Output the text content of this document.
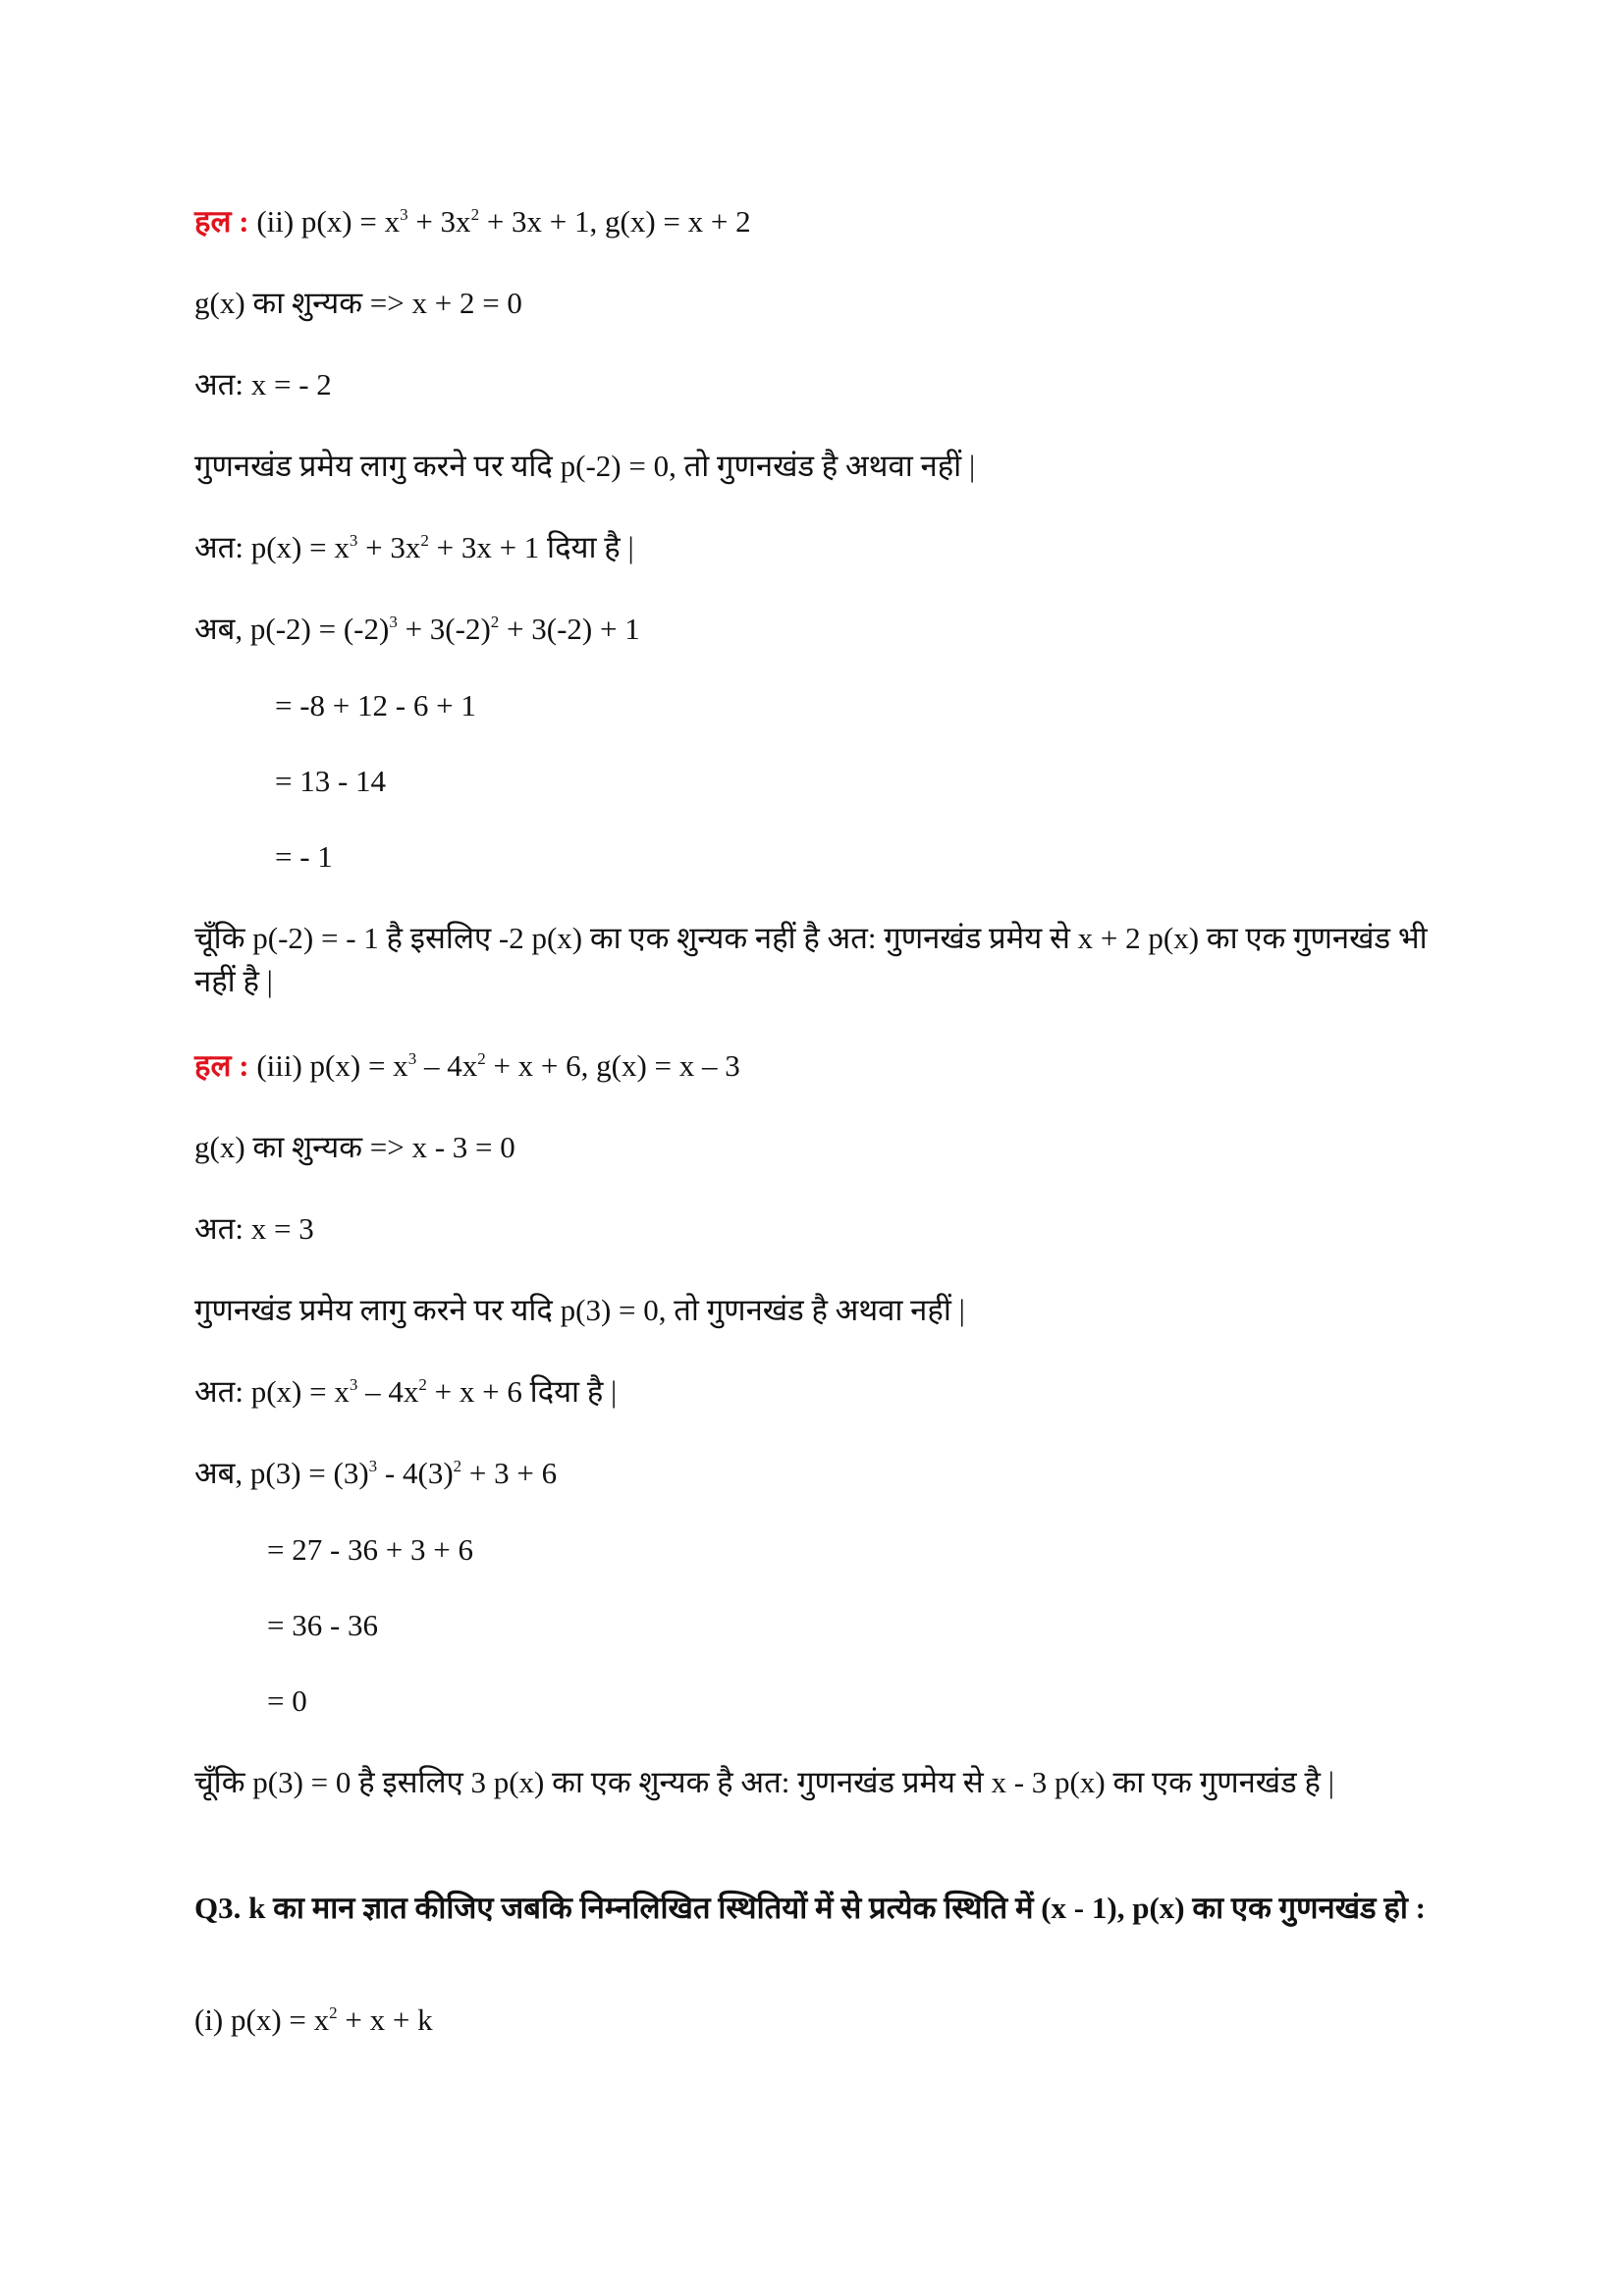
हल : (ii) $p(x) = x^3 + 3x^2 + 3x + 1$, g(x) = x + 2
g(x) का शुन्यक => x + 2 = 0
अत: x = - 2
गुणनखंड प्रमेय लागु करने पर यदि p(-2) = 0, तो गुणनखंड है अथवा नहीं |
अत: $p(x) = x^3 + 3x^2 + 3x + 1$ दिया है |
अब, $p(-2) = (-2)^3 + 3(-2)^2 + 3(-2) + 1$
= -8 + 12 - 6 + 1
= 13 - 14
= - 1
चूँकि p(-2) = - 1 है इसलिए -2 p(x) का एक शुन्यक नहीं है अत: गुणनखंड प्रमेय से x + 2 p(x) का एक गुणनखंड भी नहीं है |
हल : (iii) $p(x) = x^3 - 4x^2 + x + 6$, g(x) = x – 3
g(x) का शुन्यक => x - 3 = 0
अत: x = 3
गुणनखंड प्रमेय लागु करने पर यदि p(3) = 0, तो गुणनखंड है अथवा नहीं |
अत: $p(x) = x^3 - 4x^2 + x + 6$ दिया है |
अब, $p(3) = (3)^3 - 4(3)^2 + 3 + 6$
= 27 - 36 + 3 + 6
= 36 - 36
= 0
चूँकि p(3) = 0 है इसलिए 3 p(x) का एक शुन्यक है अत: गुणनखंड प्रमेय से x - 3 p(x) का एक गुणनखंड है |
Q3. k का मान ज्ञात कीजिए जबकि निम्नलिखित स्थितियों में से प्रत्येक स्थिति में (x - 1), p(x) का एक गुणनखंड हो :
(i) $p(x) = x^2 + x + k$
